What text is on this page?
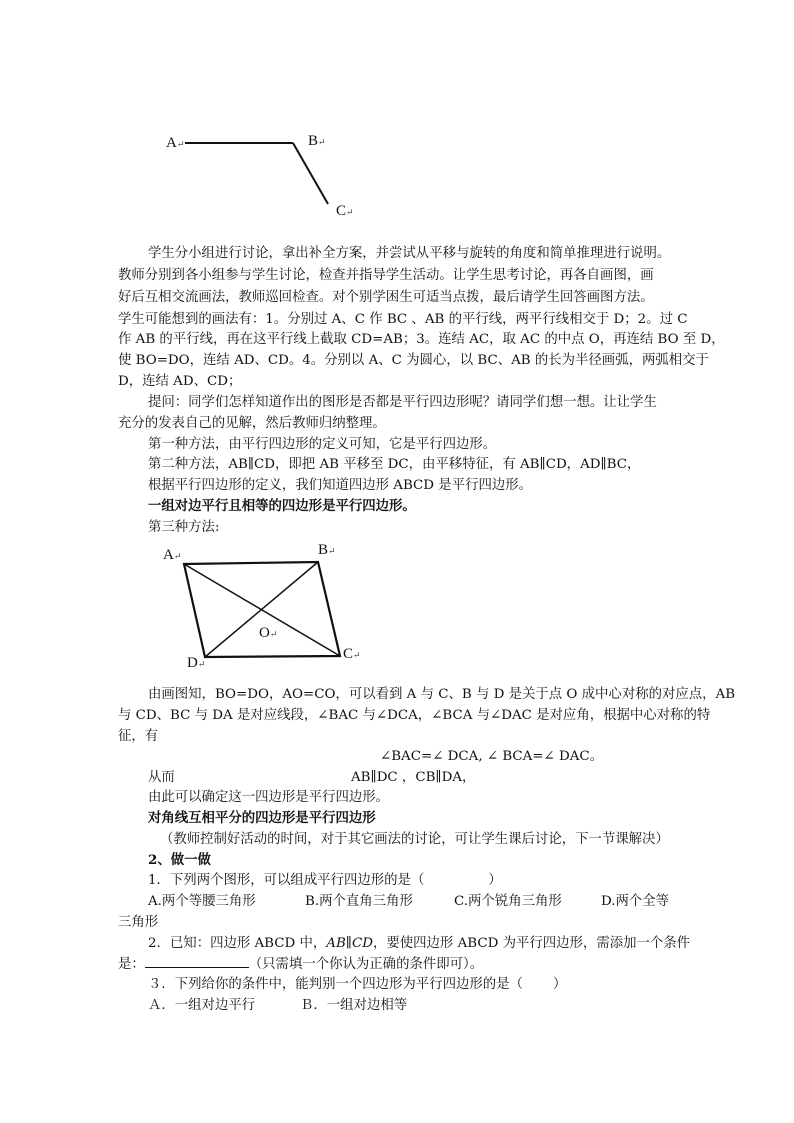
A↵	B↵
C↵
学生分小组进行讨论，拿出补全方案，并尝试从平移与旋转的角度和简单推理进行说明。
教师分别到各小组参与学生讨论，检查并指导学生活动。让学生思考讨论，再各自画图，画
好后互相交流画法，教师巡回检查。对个别学困生可适当点拨，最后请学生回答画图方法。
学生可能想到的画法有：1。分别过 A、C 作 BC 、AB 的平行线，两平行线相交于 D；2。过 C
作 AB 的平行线，再在这平行线上截取 CD=AB；3。连结 AC，取 AC 的中点 O，再连结 BO 至 D，
使 BO=DO，连结 AD、CD。4。分别以 A、C 为圆心，以 BC、AB 的长为半径画弧，两弧相交于
D，连结 AD、CD；
提问：同学们怎样知道作出的图形是否都是平行四边形呢？请同学们想一想。让让学生
充分的发表自己的见解，然后教师归纳整理。
第一种方法，由平行四边形的定义可知，它是平行四边形。
第二种方法，AB∥CD，即把 AB 平移至 DC，由平移特征，有 AB∥CD，AD∥BC，
根据平行四边形的定义，我们知道四边形 ABCD 是平行四边形。
一组对边平行且相等的四边形是平行四边形。
第三种方法:
A↵	B↵
C↵
D↵
O↵
由画图知，BO=DO，AO=CO，可以看到 A 与 C、B 与 D 是关于点 O 成中心对称的对应点，AB
与 CD、BC 与 DA 是对应线段，∠BAC 与∠DCA，∠BCA 与∠DAC 是对应角，根据中心对称的特
征，有
∠BAC=∠ DCA, ∠ BCA=∠ DAC。
从而	AB∥DC ，CB∥DA，
由此可以确定这一四边形是平行四边形。
对角线互相平分的四边形是平行四边形
（教师控制好活动的时间，对于其它画法的讨论，可让学生课后讨论，下一节课解决）
2、做一做
1．下列两个图形，可以组成平行四边形的是（	）
A.两个等腰三角形	B.两个直角三角形	C.两个锐角三角形	D.两个全等
三角形
2．已知：四边形 ABCD 中，AB∥CD，要使四边形 ABCD 为平行四边形，需添加一个条件
是：	（只需填一个你认为正确的条件即可）。
３．下列给你的条件中，能判别一个四边形为平行四边形的是（ ）
Ａ．一组对边平行	Ｂ．一组对边相等
